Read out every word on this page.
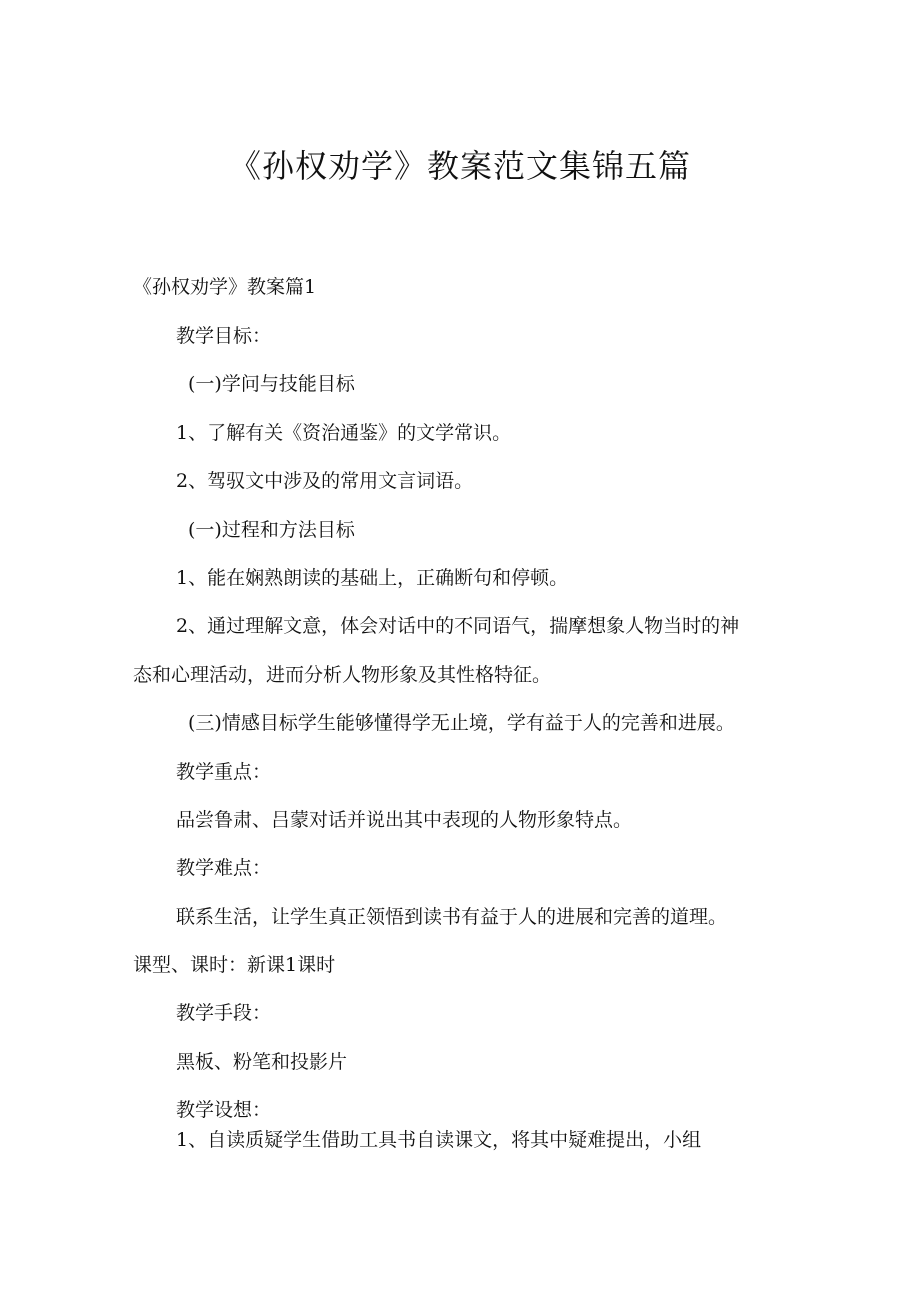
《孙权劝学》教案范文集锦五篇
《孙权劝学》教案篇1
教学目标：
(一)学问与技能目标
1、了解有关《资治通鉴》的文学常识。
2、驾驭文中涉及的常用文言词语。
(一)过程和方法目标
1、能在娴熟朗读的基础上，正确断句和停顿。
2、通过理解文意，体会对话中的不同语气，揣摩想象人物当时的神
态和心理活动，进而分析人物形象及其性格特征。
(三)情感目标学生能够懂得学无止境，学有益于人的完善和进展。
教学重点：
品尝鲁肃、吕蒙对话并说出其中表现的人物形象特点。
教学难点：
联系生活，让学生真正领悟到读书有益于人的进展和完善的道理。
课型、课时：新课1课时
教学手段：
黑板、粉笔和投影片
教学设想：
1、自读质疑学生借助工具书自读课文，将其中疑难提出，小组
